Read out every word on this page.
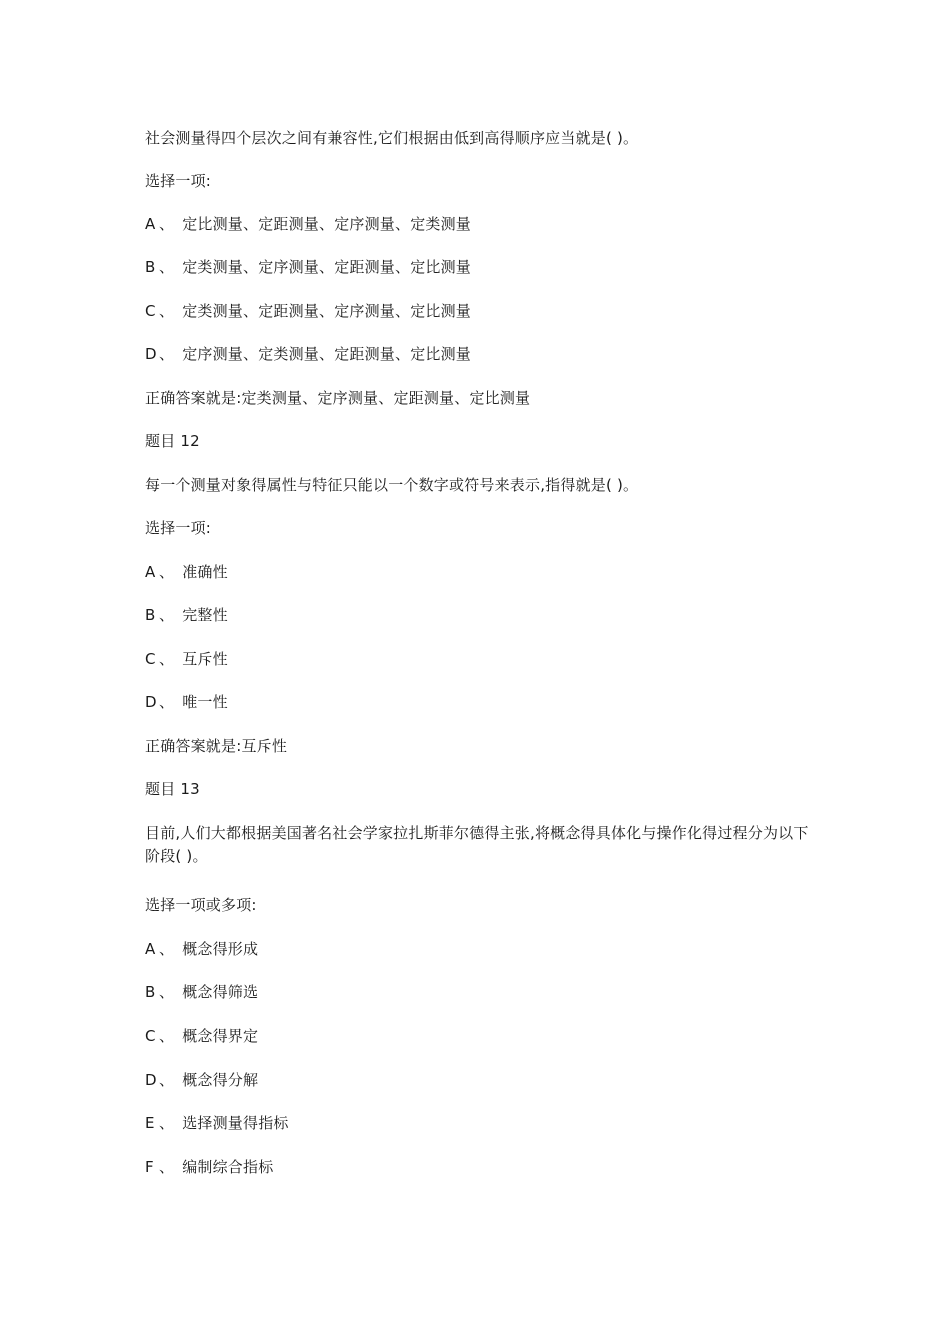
社会测量得四个层次之间有兼容性,它们根据由低到高得顺序应当就是( )。
选择一项:
A 、 定比测量、定距测量、定序测量、定类测量
B 、 定类测量、定序测量、定距测量、定比测量
C 、 定类测量、定距测量、定序测量、定比测量
D 、 定序测量、定类测量、定距测量、定比测量
正确答案就是:定类测量、定序测量、定距测量、定比测量
题目 12
每一个测量对象得属性与特征只能以一个数字或符号来表示,指得就是( )。
选择一项:
A 、 准确性
B 、 完整性
C 、 互斥性
D 、 唯一性
正确答案就是:互斥性
题目 13
目前,人们大都根据美国著名社会学家拉扎斯菲尔德得主张,将概念得具体化与操作化得过程分为以下阶段( )。
选择一项或多项:
A 、 概念得形成
B 、 概念得筛选
C 、 概念得界定
D 、 概念得分解
E 、 选择测量得指标
F 、 编制综合指标
